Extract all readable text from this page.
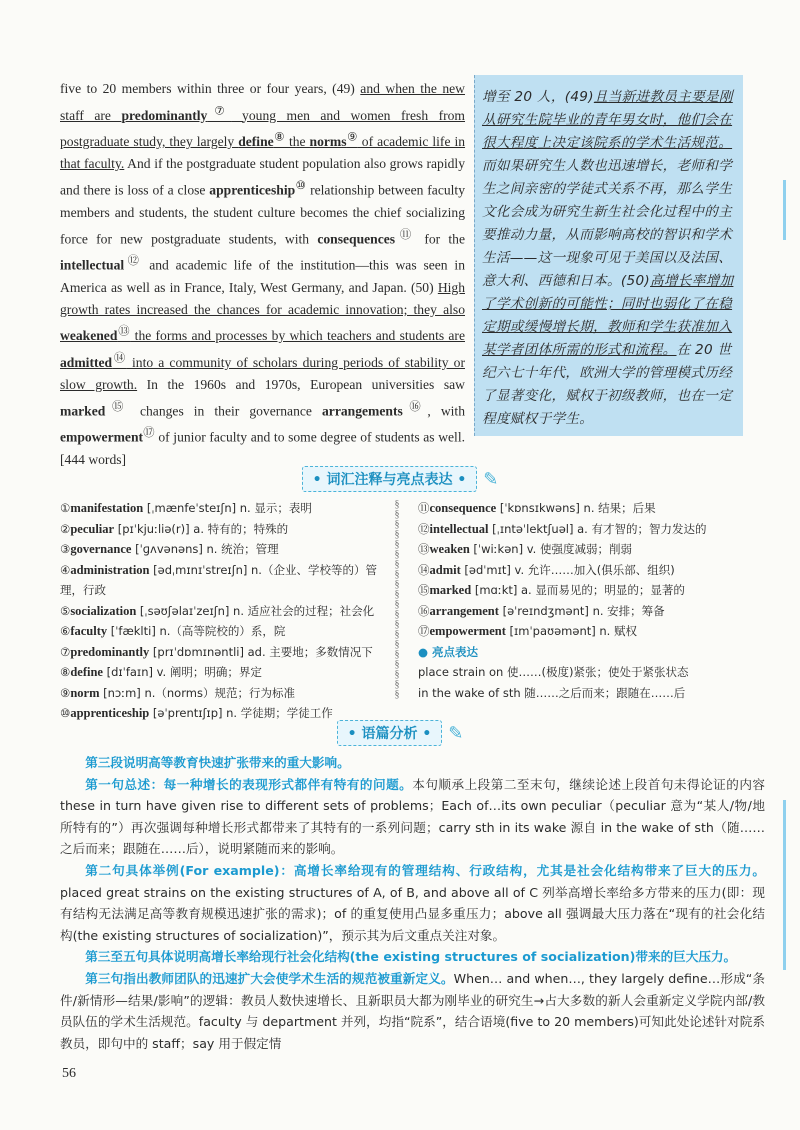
five to 20 members within three or four years, (49) and when the new staff are predominantly⑦ young men and women fresh from postgraduate study, they largely define⑧ the norms⑨ of academic life in that faculty. And if the postgraduate student population also grows rapidly and there is loss of a close apprenticeship⑩ relationship between faculty members and students, the student culture becomes the chief socializing force for new postgraduate students, with consequences⑪ for the intellectual⑫ and academic life of the institution—this was seen in America as well as in France, Italy, West Germany, and Japan. (50) High growth rates increased the chances for academic innovation; they also weakened⑬ the forms and processes by which teachers and students are admitted⑭ into a community of scholars during periods of stability or slow growth. In the 1960s and 1970s, European universities saw marked⑮ changes in their governance arrangements⑯, with empowerment⑰ of junior faculty and to some degree of students as well. [444 words]

增至 20 人，(49)且当新进教员主要是刚从研究生院毕业的青年男女时，他们会在很大程度上决定该院系的学术生活规范。而如果研究生人数也迅速增长，老师和学生之间亲密的学徒式关系不再，那么学生文化会成为研究生新生社会化过程中的主要推动力量，从而影响高校的智识和学术生活——这一现象可见于美国以及法国、意大利、西德和日本。(50)高增长率增加了学术创新的可能性；同时也弱化了在稳定期或缓慢增长期，教师和学生获准加入某学者团体所需的形式和流程。在 20 世纪六七十年代，欧洲大学的管理模式历经了显著变化，赋权于初级教师，也在一定程度赋权于学生。

• 词汇注释与亮点表达 • ✎
①manifestation [ˌmænfeˈsteɪʃn] n. 显示；表明
②peculiar [pɪˈkjuːliə(r)] a. 特有的；特殊的
③governance [ˈɡʌvənəns] n. 统治；管理
④administration [ədˌmɪnɪˈstreɪʃn] n.（企业、学校等的）管理，行政
⑤socialization [ˌsəʊʃəlaɪˈzeɪʃn] n. 适应社会的过程；社会化
⑥faculty [ˈfæklti] n.（高等院校的）系，院
⑦predominantly [prɪˈdɒmɪnəntli] ad. 主要地；多数情况下
⑧define [dɪˈfaɪn] v. 阐明；明确；界定
⑨norm [nɔːm] n.（norms）规范；行为标准
⑩apprenticeship [əˈprentɪʃɪp] n. 学徒期；学徒工作
§
§
§
§
§
§
§
§
§
§
§
§
§
§
§
§
§
§
§
§
⑪consequence [ˈkɒnsɪkwəns] n. 结果；后果
⑫intellectual [ˌɪntəˈlektʃuəl] a. 有才智的；智力发达的
⑬weaken [ˈwiːkən] v. 使强度减弱；削弱
⑭admit [ədˈmɪt] v. 允许……加入(俱乐部、组织)
⑮marked [mɑːkt] a. 显而易见的；明显的；显著的
⑯arrangement [əˈreɪndʒmənt] n. 安排；筹备
⑰empowerment [ɪmˈpaʊəmənt] n. 赋权
● 亮点表达
place strain on 使……(极度)紧张；使处于紧张状态
in the wake of sth 随……之后而来；跟随在……后
• 语篇分析 • ✎

第三段说明高等教育快速扩张带来的重大影响。

第一句总述：每一种增长的表现形式都伴有特有的问题。本句顺承上段第二至末句，继续论述上段首句未得论证的内容 these in turn have given rise to different sets of problems；Each of…its own peculiar（peculiar 意为“某人/物/地所特有的”）再次强调每种增长形式都带来了其特有的一系列问题；carry sth in its wake 源自 in the wake of sth（随……之后而来；跟随在……后），说明紧随而来的影响。

第二句具体举例(For example)：高增长率给现有的管理结构、行政结构，尤其是社会化结构带来了巨大的压力。placed great strains on the existing structures of A, of B, and above all of C 列举高增长率给多方带来的压力(即：现有结构无法满足高等教育规模迅速扩张的需求)；of 的重复使用凸显多重压力；above all 强调最大压力落在“现有的社会化结构(the existing structures of socialization)”，预示其为后文重点关注对象。

第三至五句具体说明高增长率给现行社会化结构(the existing structures of socialization)带来的巨大压力。

第三句指出教师团队的迅速扩大会使学术生活的规范被重新定义。When… and when…, they largely define…形成“条件/新情形—结果/影响”的逻辑：教员人数快速增长、且新职员大都为刚毕业的研究生→占大多数的新人会重新定义学院内部/教员队伍的学术生活规范。faculty 与 department 并列，均指“院系”，结合语境(five to 20 members)可知此处论述针对院系教员，即句中的 staff；say 用于假定情

56
